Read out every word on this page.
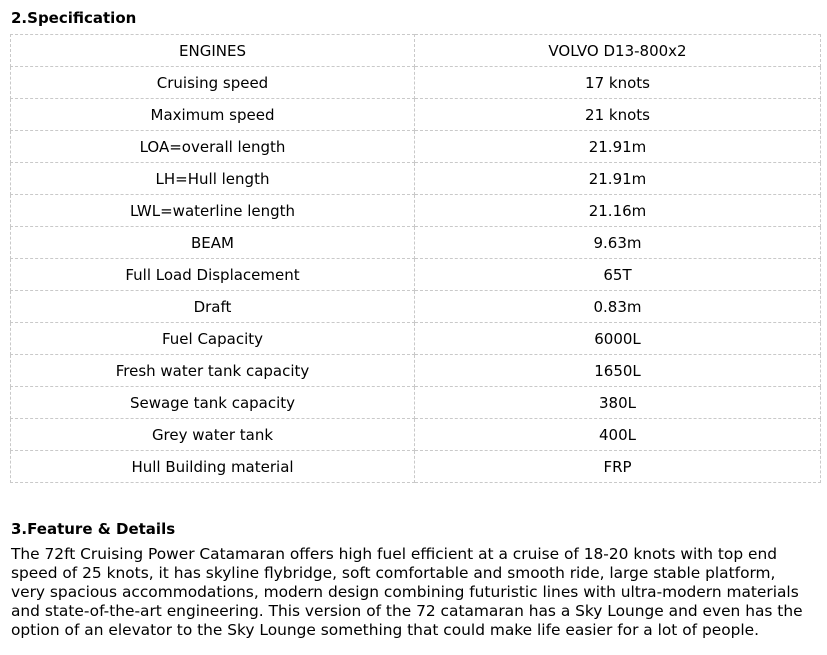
2.Specification
ENGINES	VOLVO D13-800x2
Cruising speed	17 knots
Maximum speed	21 knots
LOA=overall length	21.91m
LH=Hull length	21.91m
LWL=waterline length	21.16m
BEAM	9.63m
Full Load Displacement	65T
Draft	0.83m
Fuel Capacity	6000L
Fresh water tank capacity	1650L
Sewage tank capacity	380L
Grey water tank	400L
Hull Building material	FRP
3.Feature & Details

The 72ft Cruising Power Catamaran offers high fuel efficient at a cruise of 18-20 knots with top end speed of 25 knots, it has skyline flybridge, soft comfortable and smooth ride, large stable platform, very spacious accommodations, modern design combining futuristic lines with ultra-modern materials and state-of-the-art engineering. This version of the 72 catamaran has a Sky Lounge and even has the option of an elevator to the Sky Lounge something that could make life easier for a lot of people.
